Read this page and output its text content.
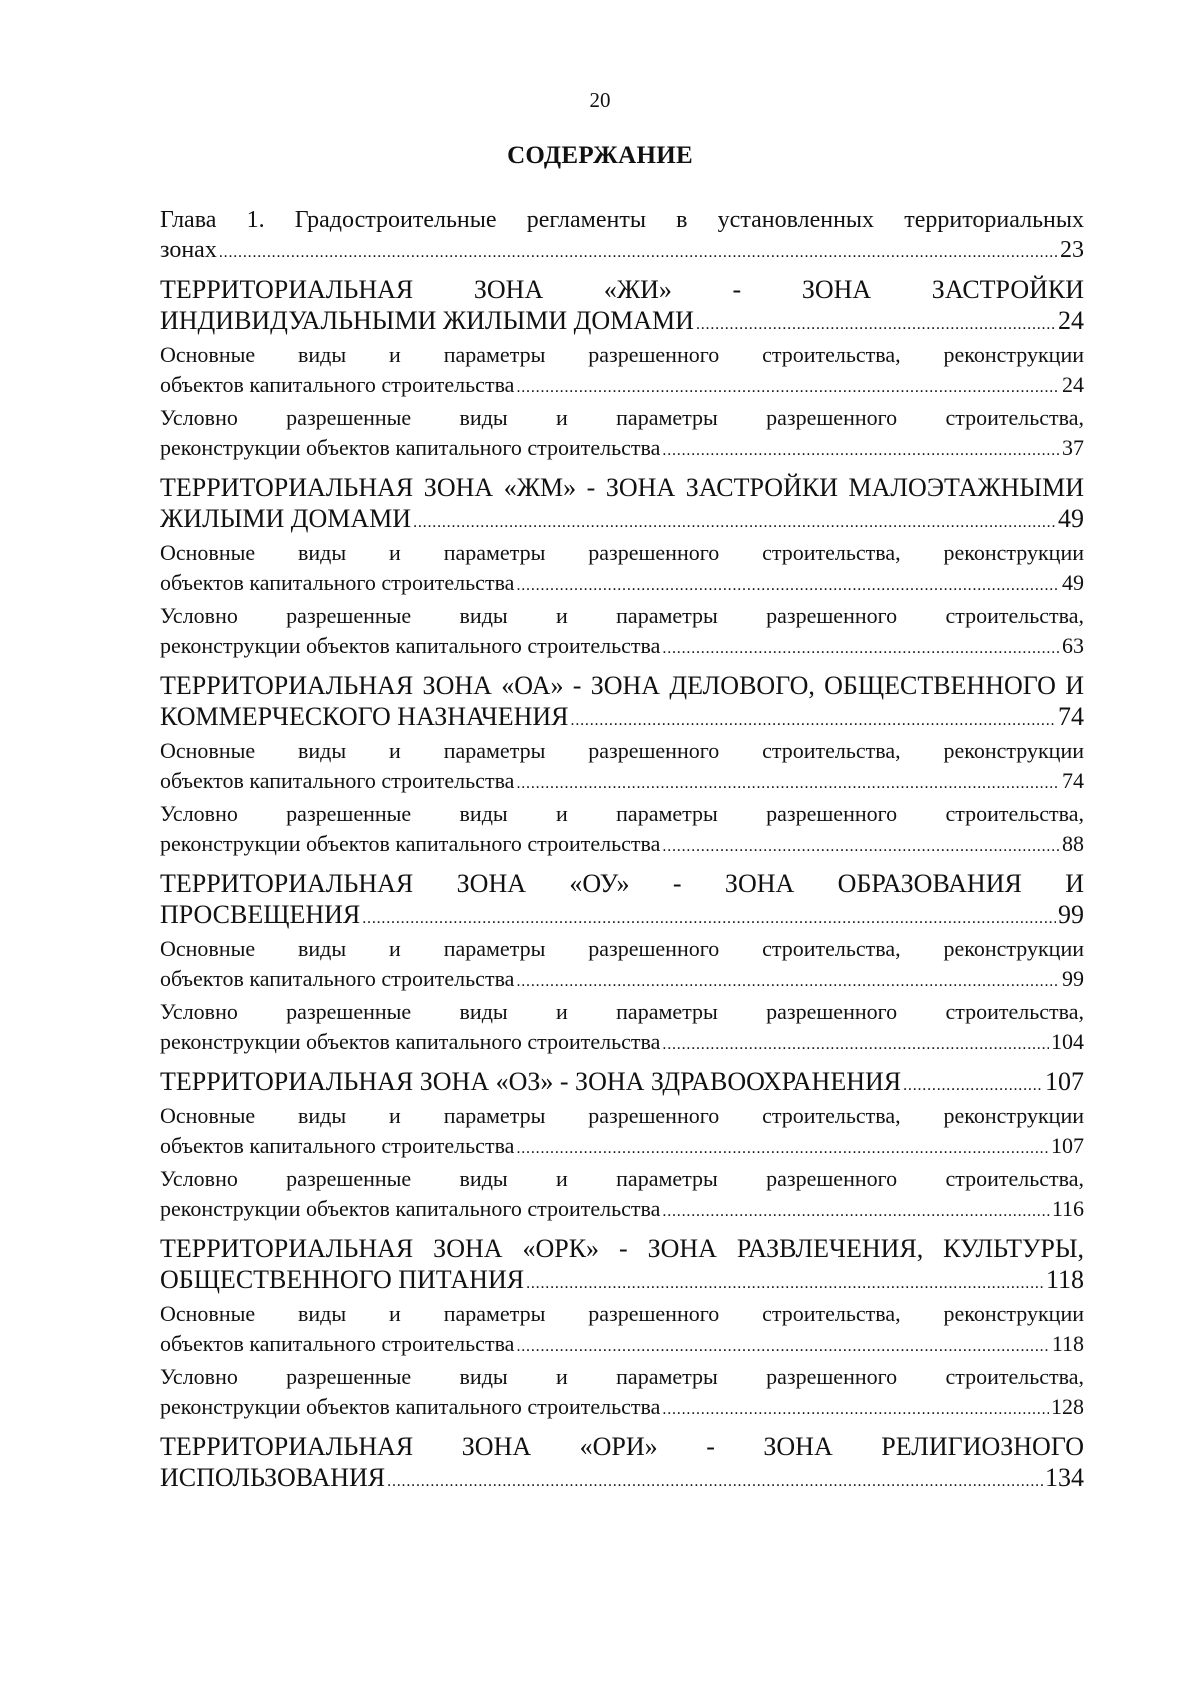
20
СОДЕРЖАНИЕ
Глава 1. Градостроительные регламенты в установленных территориальных
зонах . . .	23
ТЕРРИТОРИАЛЬНАЯ ЗОНА «ЖИ» - ЗОНА ЗАСТРОЙКИ
ИНДИВИДУАЛЬНЫМИ ЖИЛЫМИ ДОМАМИ . . .	24
Основные виды и параметры разрешенного строительства, реконструкции
объектов капитального строительства . . .	24
Условно разрешенные виды и параметры разрешенного строительства,
реконструкции объектов капитального строительства . . .	37
ТЕРРИТОРИАЛЬНАЯ ЗОНА «ЖМ» - ЗОНА ЗАСТРОЙКИ МАЛОЭТАЖНЫМИ
ЖИЛЫМИ ДОМАМИ . . .	49
Основные виды и параметры разрешенного строительства, реконструкции
объектов капитального строительства . . .	49
Условно разрешенные виды и параметры разрешенного строительства,
реконструкции объектов капитального строительства . . .	63
ТЕРРИТОРИАЛЬНАЯ ЗОНА «ОА» - ЗОНА ДЕЛОВОГО, ОБЩЕСТВЕННОГО И
КОММЕРЧЕСКОГО НАЗНАЧЕНИЯ . . .	74
Основные виды и параметры разрешенного строительства, реконструкции
объектов капитального строительства . . .	74
Условно разрешенные виды и параметры разрешенного строительства,
реконструкции объектов капитального строительства . . .	88
ТЕРРИТОРИАЛЬНАЯ ЗОНА «ОУ» - ЗОНА ОБРАЗОВАНИЯ И
ПРОСВЕЩЕНИЯ . . .	99
Основные виды и параметры разрешенного строительства, реконструкции
объектов капитального строительства . . .	99
Условно разрешенные виды и параметры разрешенного строительства,
реконструкции объектов капитального строительства . . .	104
ТЕРРИТОРИАЛЬНАЯ ЗОНА «ОЗ» - ЗОНА ЗДРАВООХРАНЕНИЯ . . .	107
Основные виды и параметры разрешенного строительства, реконструкции
объектов капитального строительства . . .	107
Условно разрешенные виды и параметры разрешенного строительства,
реконструкции объектов капитального строительства . . .	116
ТЕРРИТОРИАЛЬНАЯ ЗОНА «ОРК» - ЗОНА РАЗВЛЕЧЕНИЯ, КУЛЬТУРЫ,
ОБЩЕСТВЕННОГО ПИТАНИЯ . . .	118
Основные виды и параметры разрешенного строительства, реконструкции
объектов капитального строительства . . .	118
Условно разрешенные виды и параметры разрешенного строительства,
реконструкции объектов капитального строительства . . .	128
ТЕРРИТОРИАЛЬНАЯ ЗОНА «ОРИ» - ЗОНА РЕЛИГИОЗНОГО
ИСПОЛЬЗОВАНИЯ . . .	134
